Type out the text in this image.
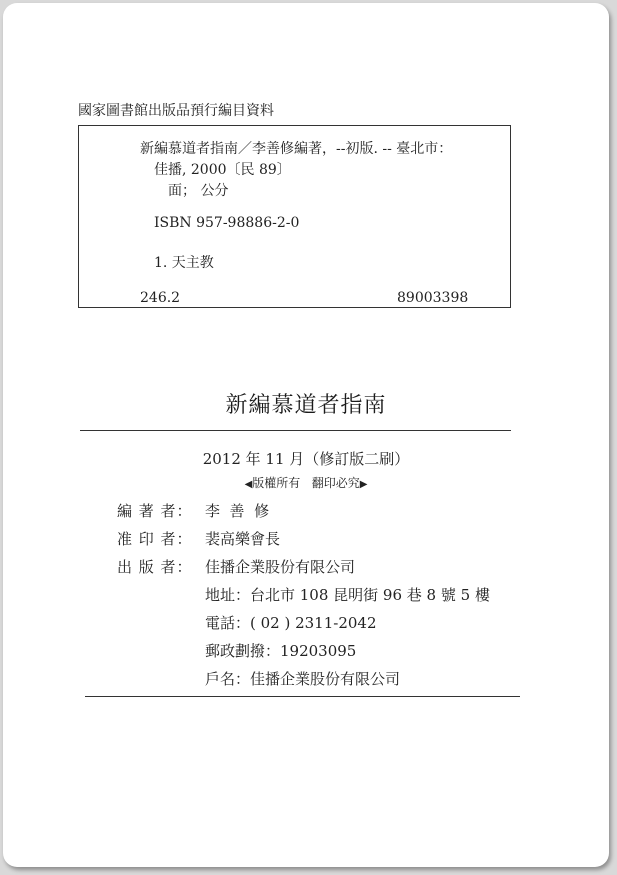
國家圖書館出版品預行編目資料
新編慕道者指南／李善修編著，--初版. -- 臺北市：
佳播, 2000〔民 89〕
面； 公分
ISBN 957-98886-2-0
1. 天主教
246.2	89003398
新編慕道者指南
2012 年 11 月（修訂版二刷）
◀版權所有   翻印必究▶
編 著 者： 李  善  修
准 印 者： 裴高樂會長
出 版 者： 佳播企業股份有限公司
地址：台北市 108 昆明街 96 巷 8 號 5 樓
電話：( 02 ) 2311-2042
郵政劃撥：19203095
戶名：佳播企業股份有限公司
